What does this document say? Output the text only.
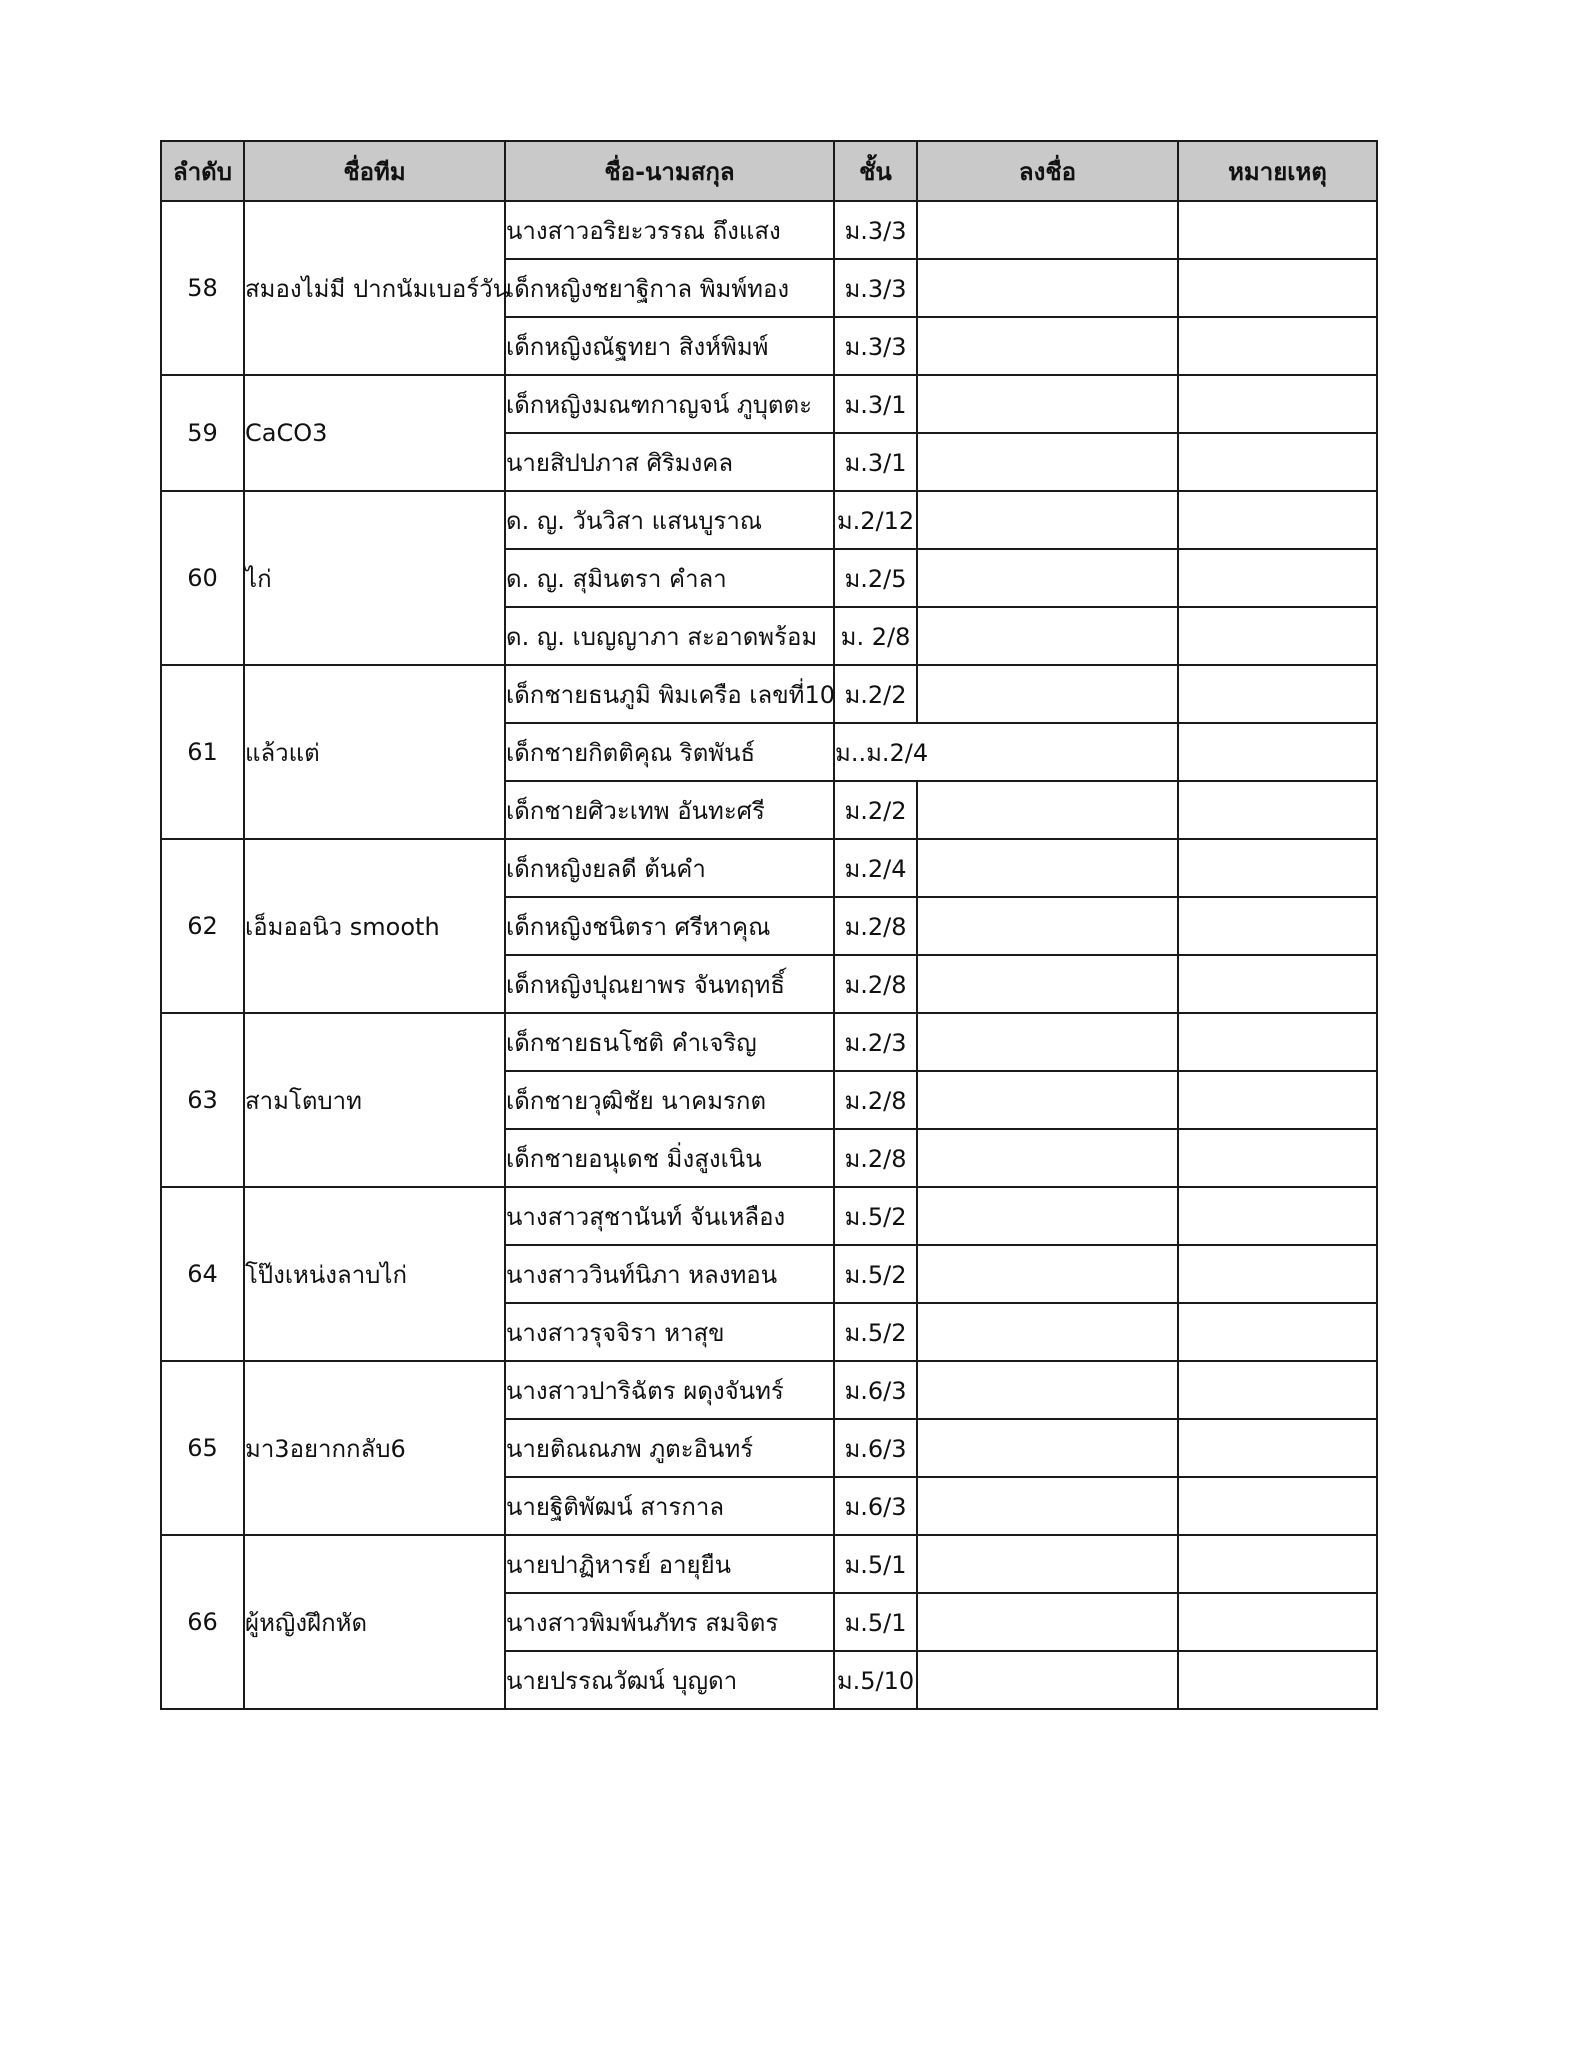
ลำดับ	ชื่อทีม	ชื่อ-นามสกุล	ชั้น	ลงชื่อ	หมายเหตุ
58	สมองไม่มี ปากนัมเบอร์วัน	นางสาวอริยะวรรณ ถึงแสง	ม.3/3		
		เด็กหญิงชยาฐิกาล พิมพ์ทอง	ม.3/3		
		เด็กหญิงณัฐทยา สิงห์พิมพ์	ม.3/3		
59	CaCO3	เด็กหญิงมณฑกาญจน์ ภูบุตตะ	ม.3/1		
		นายสิปปภาส ศิริมงคล	ม.3/1		
60	ไก่	ด. ญ. วันวิสา แสนบูราณ	ม.2/12		
		ด. ญ. สุมินตรา คำลา	ม.2/5		
		ด. ญ. เบญญาภา สะอาดพร้อม	ม. 2/8		
61	แล้วแต่	เด็กชายธนภูมิ พิมเครือ เลขที่10	ม.2/2		
		เด็กชายกิตติคุณ ริตพันธ์	ม..ม.2/4		
		เด็กชายศิวะเทพ อันทะศรี	ม.2/2		
62	เอ็มออนิว smooth	เด็กหญิงยลดี ต้นคำ	ม.2/4		
		เด็กหญิงชนิตรา ศรีหาคุณ	ม.2/8		
		เด็กหญิงปุณยาพร จันทฤทธิ์	ม.2/8		
63	สามโตบาท	เด็กชายธนโชติ คำเจริญ	ม.2/3		
		เด็กชายวุฒิชัย นาคมรกต	ม.2/8		
		เด็กชายอนุเดช มิ่งสูงเนิน	ม.2/8		
64	โป๊งเหน่งลาบไก่	นางสาวสุชานันท์ จันเหลือง	ม.5/2		
		นางสาววินท์นิภา หลงทอน	ม.5/2		
		นางสาวรุจจิรา หาสุข	ม.5/2		
65	มา3อยากกลับ6	นางสาวปาริฉัตร ผดุงจันทร์	ม.6/3		
		นายติณณภพ ภูตะอินทร์	ม.6/3		
		นายฐิติพัฒน์ สารกาล	ม.6/3		
66	ผู้หญิงฝึกหัด	นายปาฏิหารย์ อายุยืน	ม.5/1		
		นางสาวพิมพ์นภัทร สมจิตร	ม.5/1		
		นายปรรณวัฒน์ บุญดา	ม.5/10		
